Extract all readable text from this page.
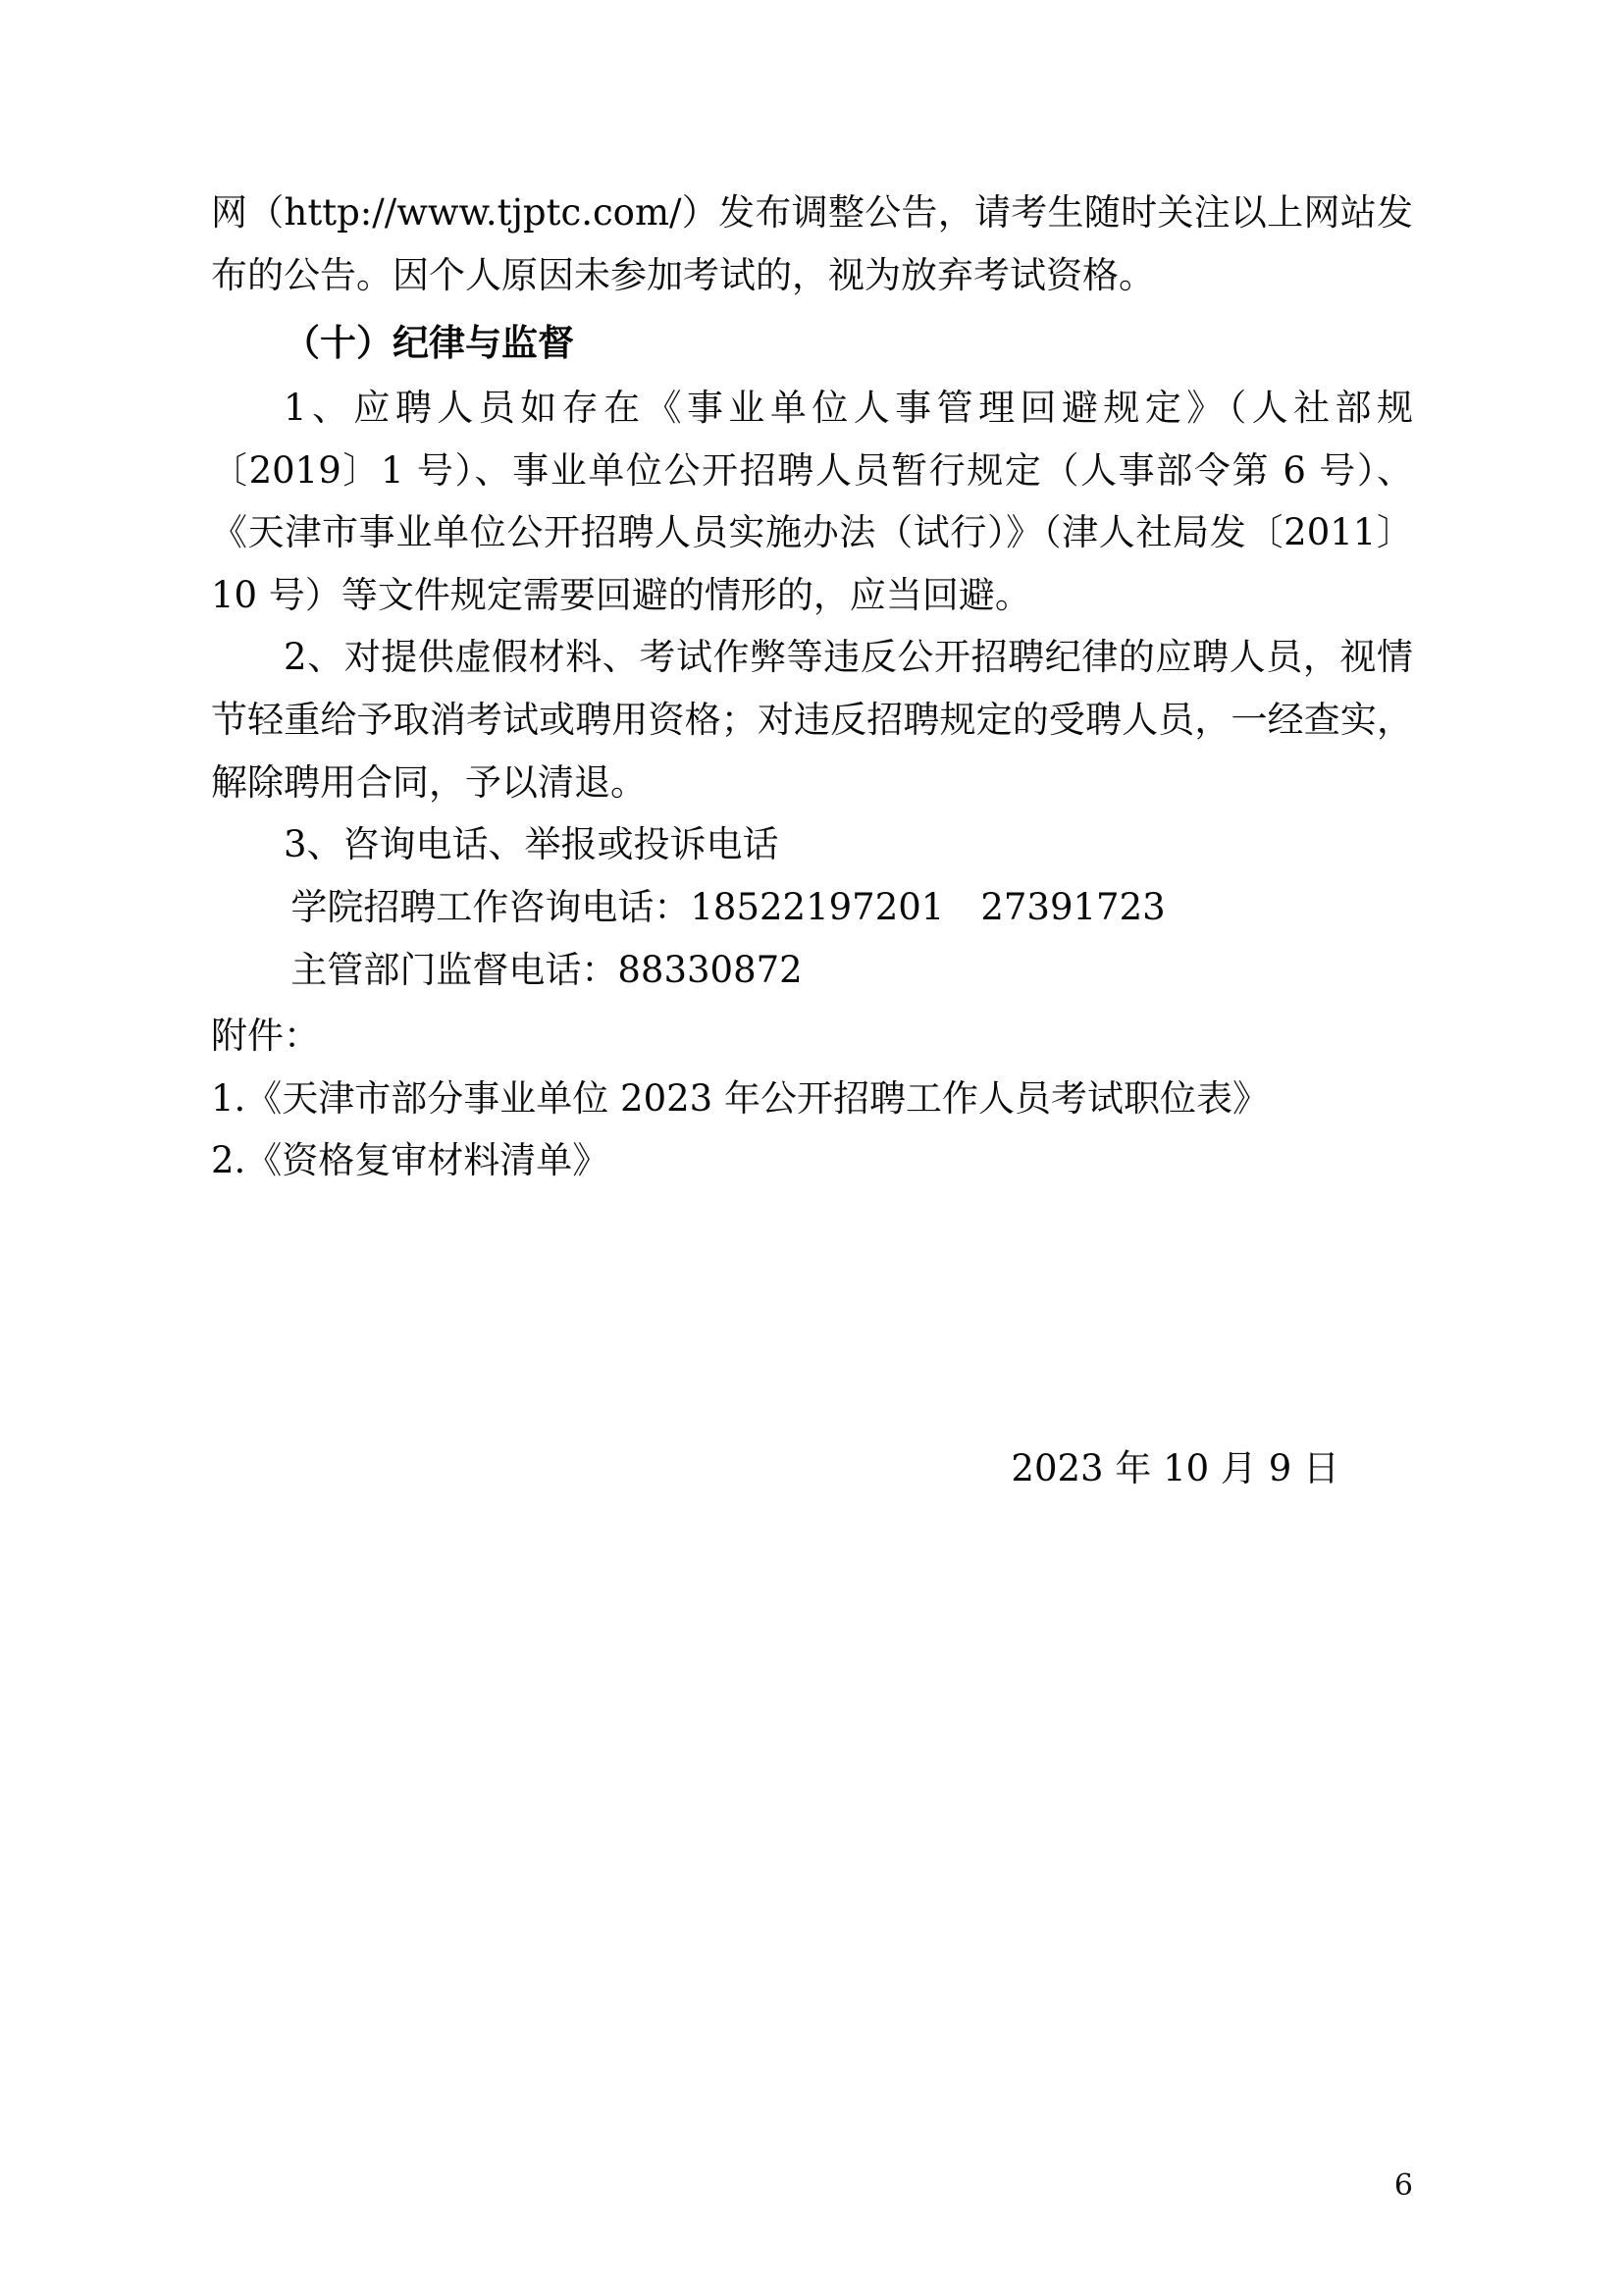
网（http://www.tjptc.com/）发布调整公告，请考生随时关注以上网站发布的公告。因个人原因未参加考试的，视为放弃考试资格。

（十）纪律与监督

1、应聘人员如存在《事业单位人事管理回避规定》（人社部规〔2019〕1 号）、事业单位公开招聘人员暂行规定（人事部令第 6 号）、《天津市事业单位公开招聘人员实施办法（试行）》（津人社局发〔2011〕10 号）等文件规定需要回避的情形的，应当回避。

2、对提供虚假材料、考试作弊等违反公开招聘纪律的应聘人员，视情节轻重给予取消考试或聘用资格；对违反招聘规定的受聘人员，一经查实，解除聘用合同，予以清退。

3、咨询电话、举报或投诉电话

学院招聘工作咨询电话：18522197201　27391723

主管部门监督电话：88330872

附件：

1.《天津市部分事业单位 2023 年公开招聘工作人员考试职位表》

2.《资格复审材料清单》

2023 年 10 月 9 日
6
